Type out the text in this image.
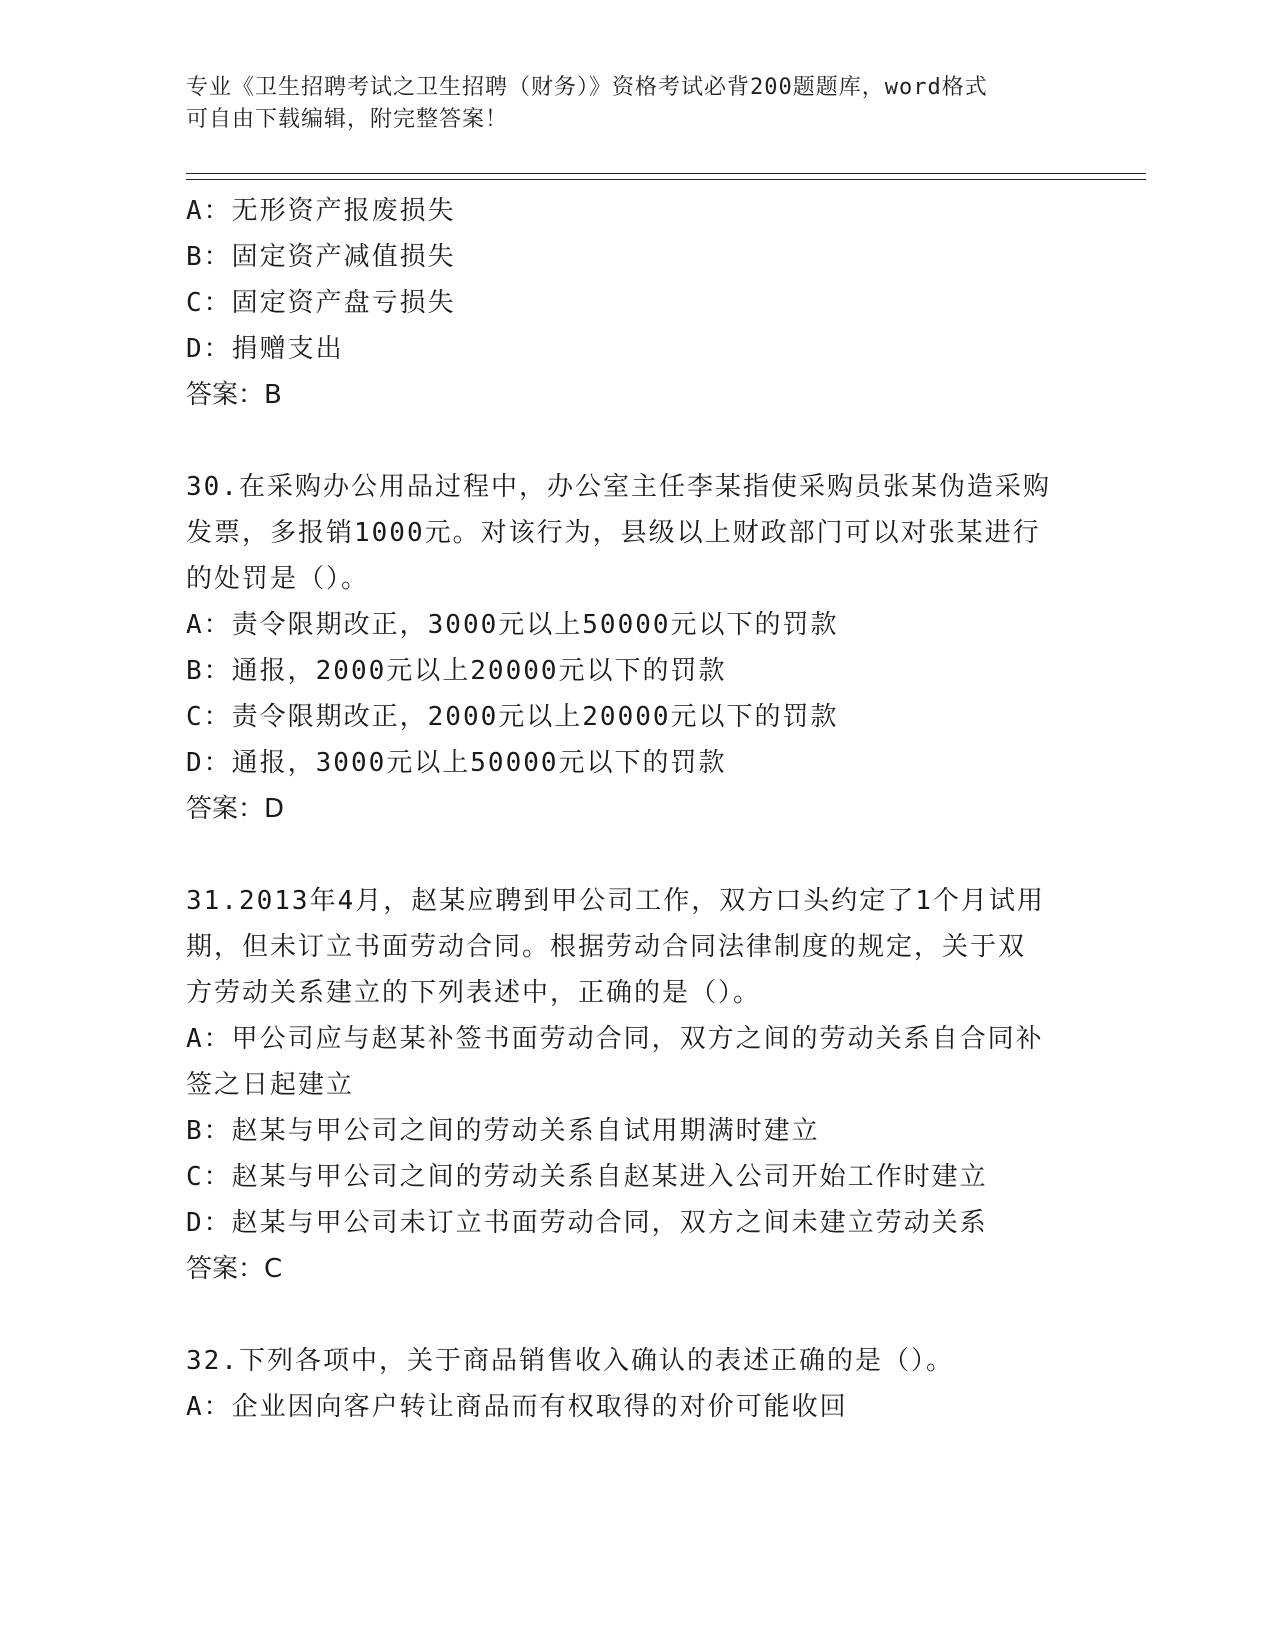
专业《卫生招聘考试之卫生招聘（财务）》资格考试必背200题题库，word格式
可自由下载编辑，附完整答案！
A：无形资产报废损失
B：固定资产减值损失
C：固定资产盘亏损失
D：捐赠支出
答案：B
30.在采购办公用品过程中，办公室主任李某指使采购员张某伪造采购
发票，多报销1000元。对该行为，县级以上财政部门可以对张某进行
的处罚是（）。
A：责令限期改正，3000元以上50000元以下的罚款
B：通报，2000元以上20000元以下的罚款
C：责令限期改正，2000元以上20000元以下的罚款
D：通报，3000元以上50000元以下的罚款
答案：D
31.2013年4月，赵某应聘到甲公司工作，双方口头约定了1个月试用
期，但未订立书面劳动合同。根据劳动合同法律制度的规定，关于双
方劳动关系建立的下列表述中，正确的是（）。
A：甲公司应与赵某补签书面劳动合同，双方之间的劳动关系自合同补
签之日起建立
B：赵某与甲公司之间的劳动关系自试用期满时建立
C：赵某与甲公司之间的劳动关系自赵某进入公司开始工作时建立
D：赵某与甲公司未订立书面劳动合同，双方之间未建立劳动关系
答案：C
32.下列各项中，关于商品销售收入确认的表述正确的是（）。
A：企业因向客户转让商品而有权取得的对价可能收回
